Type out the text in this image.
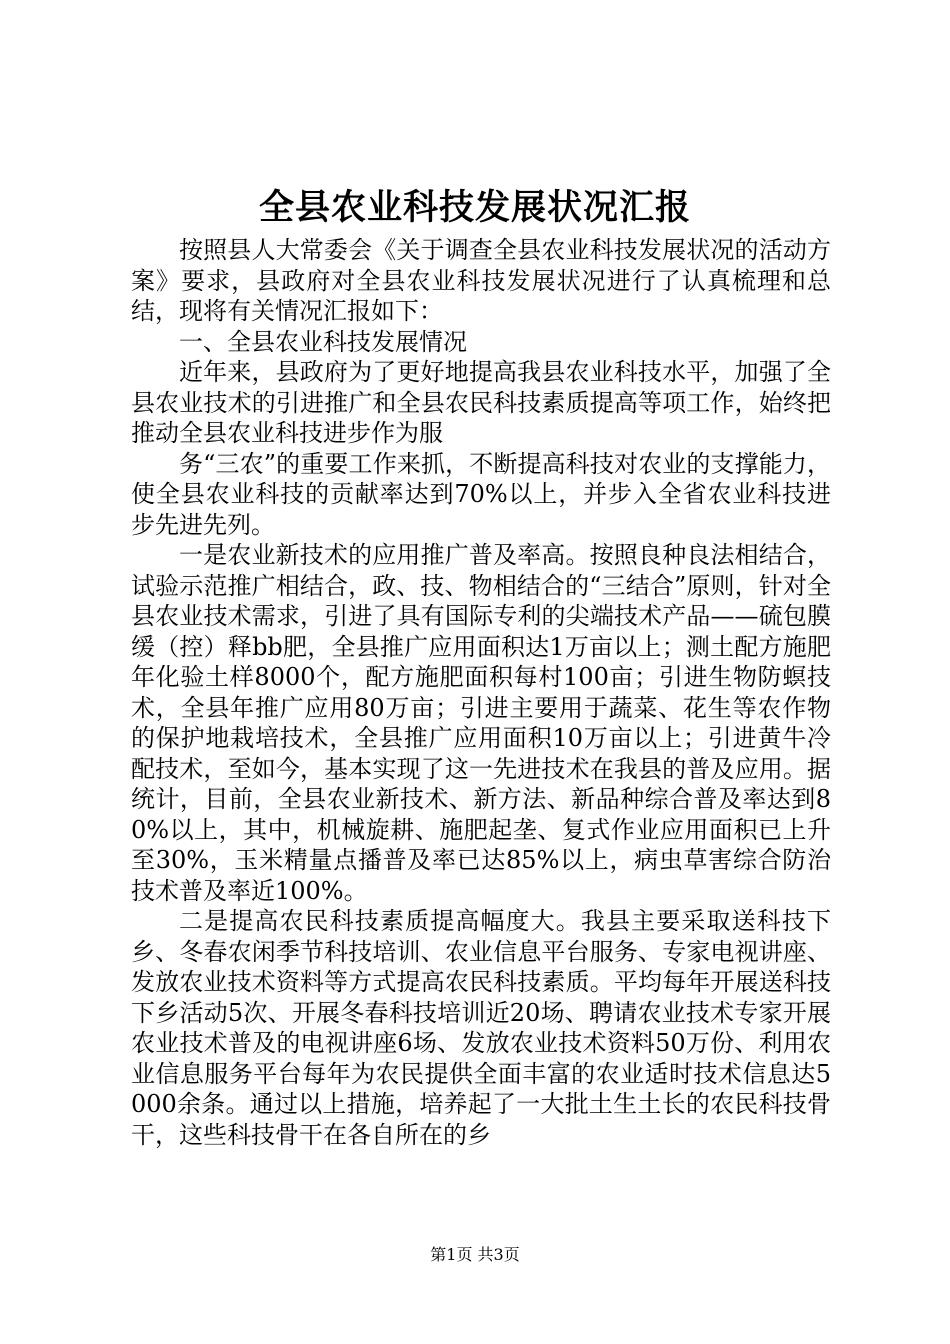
全县农业科技发展状况汇报

按照县人大常委会《关于调查全县农业科技发展状况的活动方案》要求，县政府对全县农业科技发展状况进行了认真梳理和总结，现将有关情况汇报如下：

一、全县农业科技发展情况

近年来，县政府为了更好地提高我县农业科技水平，加强了全县农业技术的引进推广和全县农民科技素质提高等项工作，始终把推动全县农业科技进步作为服

务“三农”的重要工作来抓，不断提高科技对农业的支撑能力，使全县农业科技的贡献率达到70%以上，并步入全省农业科技进步先进先列。

一是农业新技术的应用推广普及率高。按照良种良法相结合，试验示范推广相结合，政、技、物相结合的“三结合”原则，针对全县农业技术需求，引进了具有国际专利的尖端技术产品——硫包膜缓（控）释bb肥，全县推广应用面积达1万亩以上；测土配方施肥年化验土样8000个，配方施肥面积每村100亩；引进生物防螟技术，全县年推广应用80万亩；引进主要用于蔬菜、花生等农作物的保护地栽培技术，全县推广应用面积10万亩以上；引进黄牛冷配技术，至如今，基本实现了这一先进技术在我县的普及应用。据统计，目前，全县农业新技术、新方法、新品种综合普及率达到80%以上，其中，机械旋耕、施肥起垄、复式作业应用面积已上升至30%，玉米精量点播普及率已达85%以上，病虫草害综合防治技术普及率近100%。

二是提高农民科技素质提高幅度大。我县主要采取送科技下乡、冬春农闲季节科技培训、农业信息平台服务、专家电视讲座、发放农业技术资料等方式提高农民科技素质。平均每年开展送科技下乡活动5次、开展冬春科技培训近20场、聘请农业技术专家开展农业技术普及的电视讲座6场、发放农业技术资料50万份、利用农业信息服务平台每年为农民提供全面丰富的农业适时技术信息达5000余条。通过以上措施，培养起了一大批土生土长的农民科技骨干，这些科技骨干在各自所在的乡

第1页 共3页
